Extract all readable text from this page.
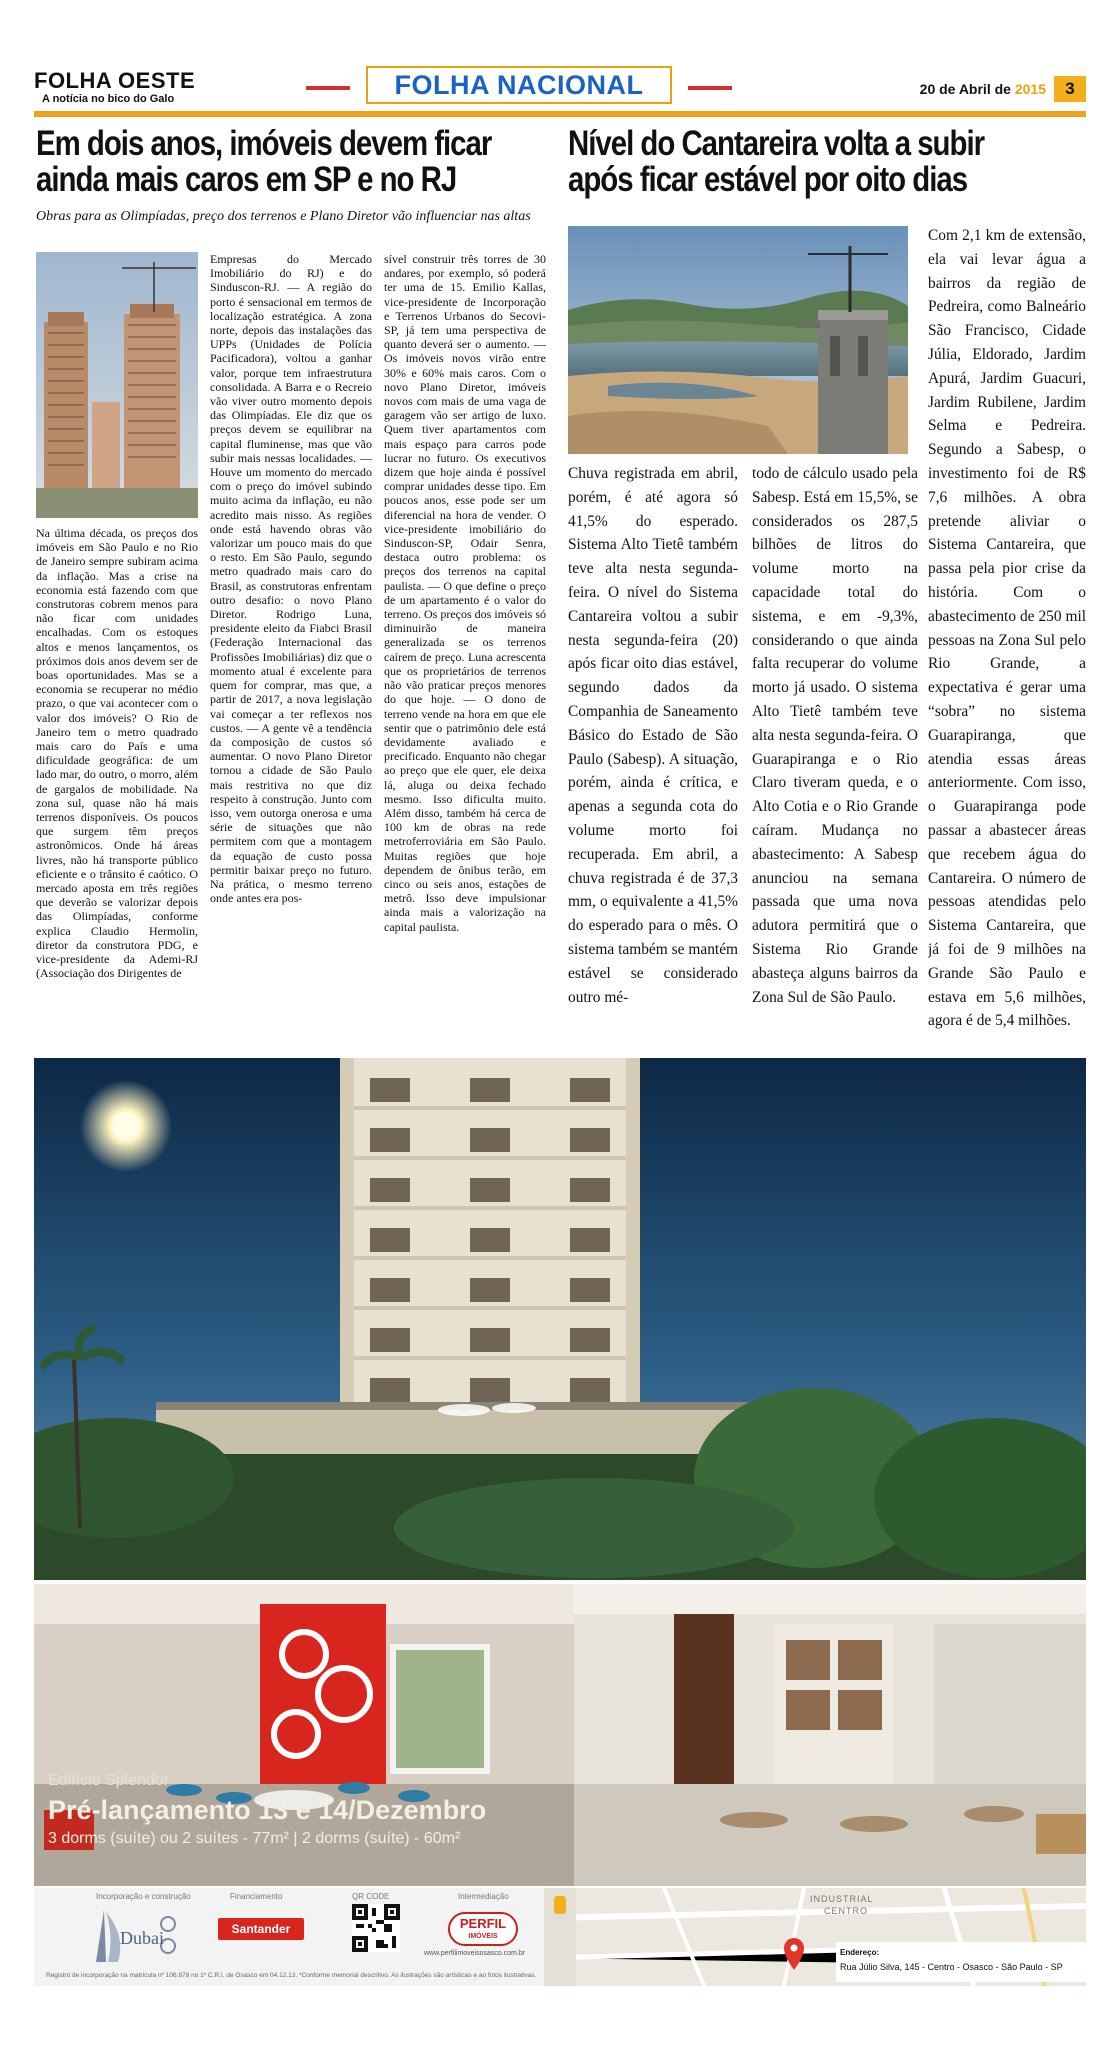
FOLHA OESTE
A notícia no bico do Galo	FOLHA NACIONAL	20 de Abril de 2015	3
Em dois anos, imóveis devem ficar
ainda mais caros em SP e no RJ

Obras para as Olimpíadas, preço dos terrenos e Plano Diretor vão influenciar nas altas

Na última década, os preços dos imóveis em São Paulo e no Rio de Janeiro sempre subiram acima da inflação. Mas a crise na economia está fazendo com que construtoras cobrem menos para não ficar com unidades encalhadas. Com os estoques altos e menos lançamentos, os próximos dois anos devem ser de boas oportunidades. Mas se a economia se recuperar no médio prazo, o que vai acontecer com o valor dos imóveis? O Rio de Janeiro tem o metro quadrado mais caro do País e uma dificuldade geográfica: de um lado mar, do outro, o morro, além de gargalos de mobilidade. Na zona sul, quase não há mais terrenos disponíveis. Os poucos que surgem têm preços astronômicos. Onde há áreas livres, não há transporte público eficiente e o trânsito é caótico. O mercado aposta em três regiões que deverão se valorizar depois das Olimpíadas, conforme explica Claudio Hermolin, diretor da construtora PDG, e vice-presidente da Ademi-RJ (Associação dos Dirigentes de
Empresas do Mercado Imobiliário do RJ) e do Sinduscon-RJ. — A região do porto é sensacional em termos de localização estratégica. A zona norte, depois das instalações das UPPs (Unidades de Polícia Pacificadora), voltou a ganhar valor, porque tem infraestrutura consolidada. A Barra e o Recreio vão viver outro momento depois das Olimpíadas. Ele diz que os preços devem se equilibrar na capital fluminense, mas que vão subir mais nessas localidades. — Houve um momento do mercado com o preço do imóvel subindo muito acima da inflação, eu não acredito mais nisso. As regiões onde está havendo obras vão valorizar um pouco mais do que o resto. Em São Paulo, segundo metro quadrado mais caro do Brasil, as construtoras enfrentam outro desafio: o novo Plano Diretor. Rodrigo Luna, presidente eleito da Fiabci Brasil (Federação Internacional das Profissões Imobiliárias) diz que o momento atual é excelente para quem for comprar, mas que, a partir de 2017, a nova legislação vai começar a ter reflexos nos custos. — A gente vê a tendência da composição de custos só aumentar. O novo Plano Diretor tornou a cidade de São Paulo mais restritiva no que diz respeito à construção. Junto com isso, vem outorga onerosa e uma série de situações que não permitem com que a montagem da equação de custo possa permitir baixar preço no futuro. Na prática, o mesmo terreno onde antes era pos-
sível construir três torres de 30 andares, por exemplo, só poderá ter uma de 15. Emilio Kallas, vice-presidente de Incorporação e Terrenos Urbanos do Secovi-SP, já tem uma perspectiva de quanto deverá ser o aumento. — Os imóveis novos virão entre 30% e 60% mais caros. Com o novo Plano Diretor, imóveis novos com mais de uma vaga de garagem vão ser artigo de luxo. Quem tiver apartamentos com mais espaço para carros pode lucrar no futuro. Os executivos dizem que hoje ainda é possível comprar unidades desse tipo. Em poucos anos, esse pode ser um diferencial na hora de vender. O vice-presidente imobiliário do Sinduscon-SP, Odair Senra, destaca outro problema: os preços dos terrenos na capital paulista. — O que define o preço de um apartamento é o valor do terreno. Os preços dos imóveis só diminuirão de maneira generalizada se os terrenos caírem de preço. Luna acrescenta que os proprietários de terrenos não vão praticar preços menores do que hoje. — O dono de terreno vende na hora em que ele sentir que o patrimônio dele está devidamente avaliado e precificado. Enquanto não chegar ao preço que ele quer, ele deixa lá, aluga ou deixa fechado mesmo. Isso dificulta muito. Além disso, também há cerca de 100 km de obras na rede metroferroviária em São Paulo. Muitas regiões que hoje dependem de ônibus terão, em cinco ou seis anos, estações de metrô. Isso deve impulsionar ainda mais a valorização na capital paulista.
Nível do Cantareira volta a subir
após ficar estável por oito dias
Chuva registrada em abril, porém, é até agora só 41,5% do esperado. Sistema Alto Tietê também teve alta nesta segunda-feira. O nível do Sistema Cantareira voltou a subir nesta segunda-feira (20) após ficar oito dias estável, segundo dados da Companhia de Saneamento Básico do Estado de São Paulo (Sabesp). A situação, porém, ainda é crítica, e apenas a segunda cota do volume morto foi recuperada. Em abril, a chuva registrada é de 37,3 mm, o equivalente a 41,5% do esperado para o mês. O sistema também se mantém estável se considerado outro mé-
todo de cálculo usado pela Sabesp. Está em 15,5%, se considerados os 287,5 bilhões de litros do volume morto na capacidade total do sistema, e em -9,3%, considerando o que ainda falta recuperar do volume morto já usado. O sistema Alto Tietê também teve alta nesta segunda-feira. O Guarapiranga e o Rio Claro tiveram queda, e o Alto Cotia e o Rio Grande caíram. Mudança no abastecimento: A Sabesp anunciou na semana passada que uma nova adutora permitirá que o Sistema Rio Grande abasteça alguns bairros da Zona Sul de São Paulo.
Com 2,1 km de extensão, ela vai levar água a bairros da região de Pedreira, como Balneário São Francisco, Cidade Júlia, Eldorado, Jardim Apurá, Jardim Guacuri, Jardim Rubilene, Jardim Selma e Pedreira. Segundo a Sabesp, o investimento foi de R$ 7,6 milhões. A obra pretende aliviar o Sistema Cantareira, que passa pela pior crise da história. Com o abastecimento de 250 mil pessoas na Zona Sul pelo Rio Grande, a expectativa é gerar uma “sobra” no sistema Guarapiranga, que atendia essas áreas anteriormente. Com isso, o Guarapiranga pode passar a abastecer áreas que recebem água do Cantareira. O número de pessoas atendidas pelo Sistema Cantareira, que já foi de 9 milhões na Grande São Paulo e estava em 5,6 milhões, agora é de 5,4 milhões.
Edifício Splendor
Pré-lançamento 13 e 14/Dezembro
3 dorms (suíte) ou 2 suítes - 77m² | 2 dorms (suíte) - 60m²
Incorporação e construção	Financiamento	QR CODE	Intermediação
Dubai	Santander	PERFIL
IMÓVEIS
www.perfilimoveisosasco.com.br
Registro de incorporação na matrícula nº 106.878 no 1º C.R.I. de Osasco em 04.12.13. *Conforme memorial descritivo. As ilustrações são artísticas e ao fotos ilustrativas.
INDUSTRIAL
CENTRO
Endereço:
Rua Júlio Silva, 145 - Centro - Osasco - São Paulo - SP
